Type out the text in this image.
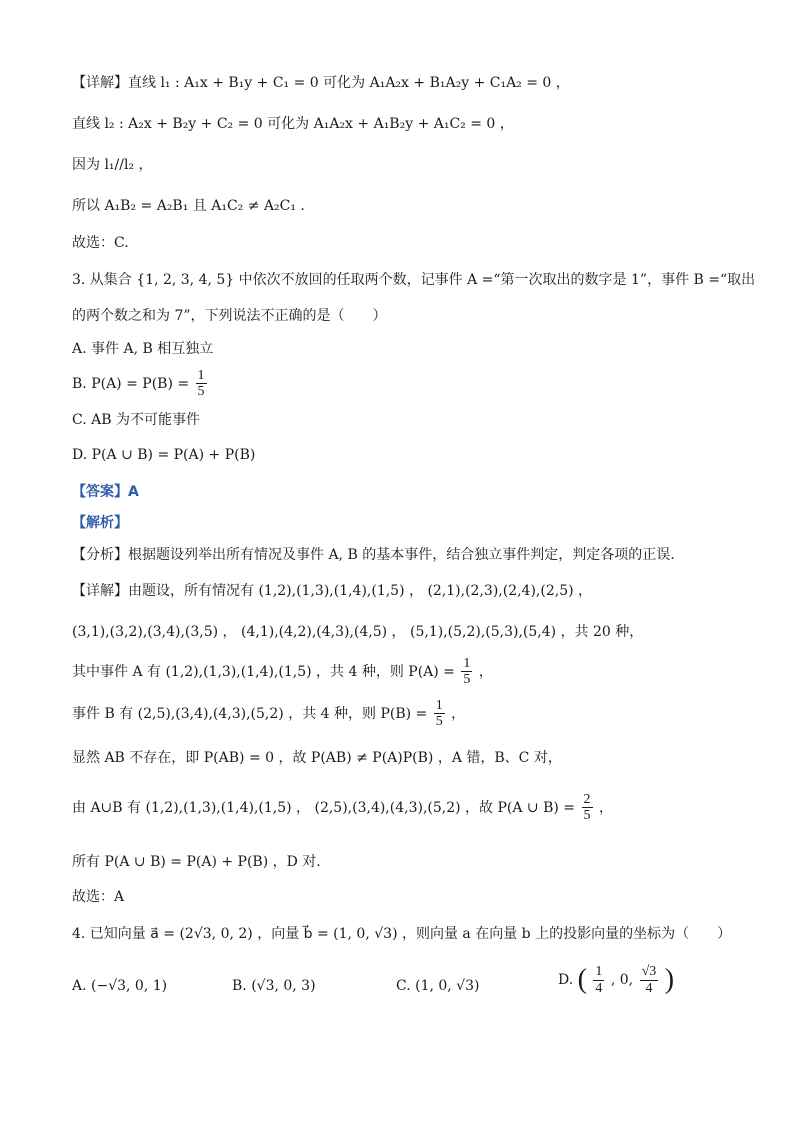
【详解】直线 l₁ : A₁x + B₁y + C₁ = 0 可化为 A₁A₂x + B₁A₂y + C₁A₂ = 0 ，
直线 l₂ : A₂x + B₂y + C₂ = 0 可化为 A₁A₂x + A₁B₂y + A₁C₂ = 0 ，
因为 l₁//l₂ ，
所以 A₁B₂ = A₂B₁ 且 A₁C₂ ≠ A₂C₁ .
故选：C.
3. 从集合 {1, 2, 3, 4, 5} 中依次不放回的任取两个数，记事件 A =“第一次取出的数字是 1”，事件 B =“取出
的两个数之和为 7”，下列说法不正确的是（　　）
A. 事件 A, B 相互独立
B. $P(A) = P(B) = \frac{1}{5}$
C. AB 为不可能事件
D. P(A ∪ B) = P(A) + P(B)
【答案】A
【解析】
【分析】根据题设列举出所有情况及事件 A, B 的基本事件，结合独立事件判定，判定各项的正误.
【详解】由题设，所有情况有 (1,2),(1,3),(1,4),(1,5) ， (2,1),(2,3),(2,4),(2,5) ，
(3,1),(3,2),(3,4),(3,5) ， (4,1),(4,2),(4,3),(4,5) ， (5,1),(5,2),(5,3),(5,4) ，共 20 种，
其中事件 A 有 (1,2),(1,3),(1,4),(1,5) ，共 4 种，则 $P(A) = \frac{1}{5}$ ，
事件 B 有 (2,5),(3,4),(4,3),(5,2) ，共 4 种，则 $P(B) = \frac{1}{5}$ ，
显然 AB 不存在，即 P(AB) = 0 ，故 P(AB) ≠ P(A)P(B) ，A 错，B、C 对，
由 A∪B 有 (1,2),(1,3),(1,4),(1,5) ， (2,5),(3,4),(4,3),(5,2) ，故 P(A ∪ $B) = \frac{2}{5}$ ，
所有 P(A ∪ B) = P(A) + P(B) ，D 对.
故选：A
4. 已知向量 a⃗ = (2√3, 0, 2) ，向量 b⃗ = (1, 0, √3) ，则向量 a 在向量 b 上的投影向量的坐标为（　　）
A. (−√3, 0, 1)	B. (√3, 0, 3)	C. (1, 0, √3)	D. ( $\frac{1}{4}$ , 0, $\frac{√3}{4}$ )
